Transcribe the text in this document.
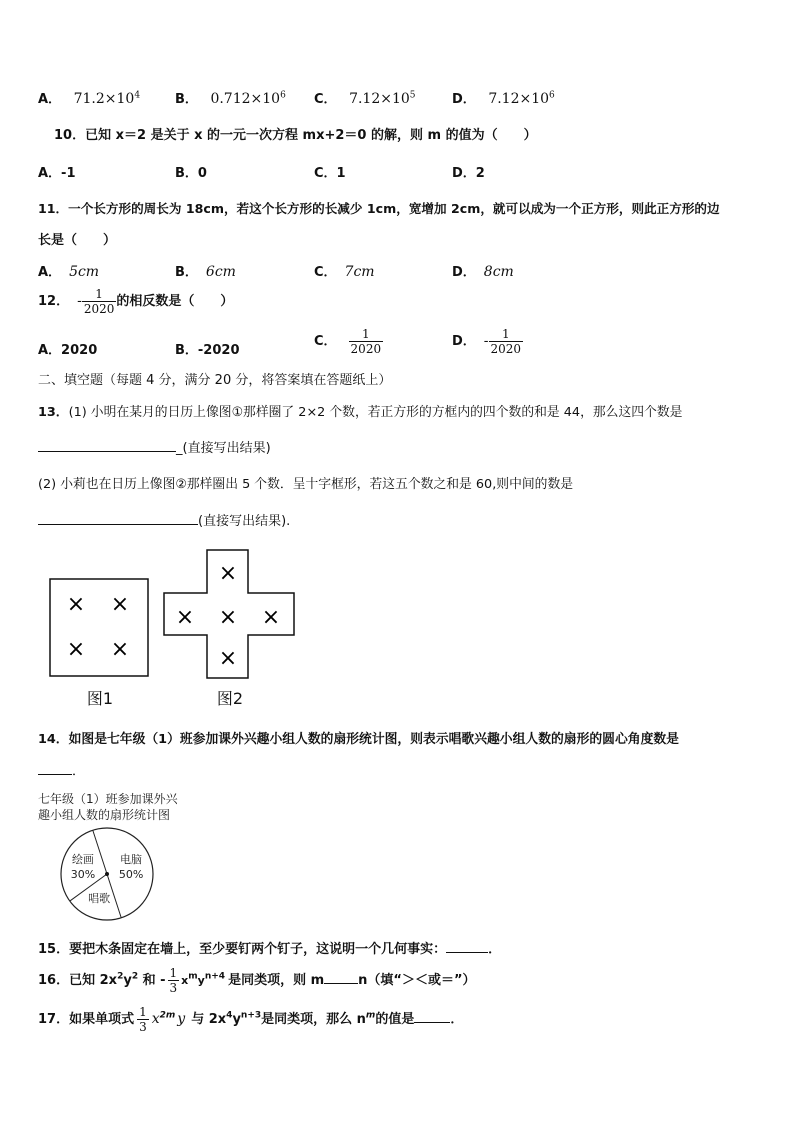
A． $71.2\times 10^4$	B． $0.712\times 10^6$ C． $7.12\times 10^5$	D． $7.12\times 10^6$
10．已知 x＝2 是关于 x 的一元一次方程 mx+2＝0 的解，则 m 的值为（　　）
A．-1	B．0	C．1	D．2
11．一个长方形的周长为 18cm，若这个长方形的长减少 1cm，宽增加 2cm，就可以成为一个正方形，则此正方形的边
长是（　　）
A． 5cm	B． 6cm	C． 7cm	D． 8cm
12． - $\frac{1}{2020}$ 的相反数是（　　）
A．2020	B．-2020
C． $\frac{1}{2020}$	D． - $\frac{1}{2020}$
二、填空题（每题 4 分，满分 20 分，将答案填在答题纸上）
13．(1) 小明在某月的日历上像图①那样圈了 2×2 个数，若正方形的方框内的四个数的和是 44，那么这四个数是
_(直接写出结果)
(2) 小莉也在日历上像图②那样圈出 5 个数．呈十字框形，若这五个数之和是 60,则中间的数是
(直接写出结果).
× ×
× ×
图1
×
× × ×
×
图2
14．如图是七年级（1）班参加课外兴趣小组人数的扇形统计图，则表示唱歌兴趣小组人数的扇形的圆心角度数是
．
七年级（1）班参加课外兴
趣小组人数的扇形统计图
电脑
50%
唱歌
绘画
30%
15．要把木条固定在墙上，至少要钉两个钉子，这说明一个几何事实：	．
16．已知 $2x^2y^2$ 和 - $\frac{1}{3} x^my^{n+4}$ 是同类项，则 m	n（填“＞＜或＝”）
17．如果单项式 $\frac{1}{3} x^{2m}$ y 与 $2x^4y^{n+3}$是同类项，那么 $n^m$的值是	．
